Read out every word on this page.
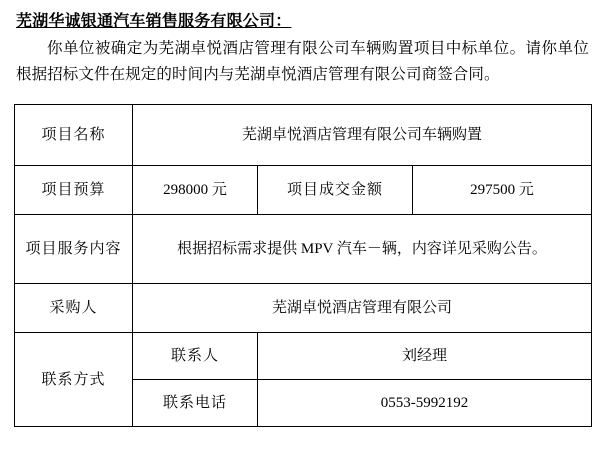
芜湖华诚银通汽车销售服务有限公司：

你单位被确定为芜湖卓悦酒店管理有限公司车辆购置项目中标单位。请你单位根据招标文件在规定的时间内与芜湖卓悦酒店管理有限公司商签合同。

项目名称	芜湖卓悦酒店管理有限公司车辆购置		
项目预算	298000 元	项目成交金额	297500 元
项目服务内容	根据招标需求提供 MPV 汽车－辆，内容详见采购公告。		
采购人	芜湖卓悦酒店管理有限公司		
联系方式	联系人	刘经理	
	联系电话	0553-5992192	
